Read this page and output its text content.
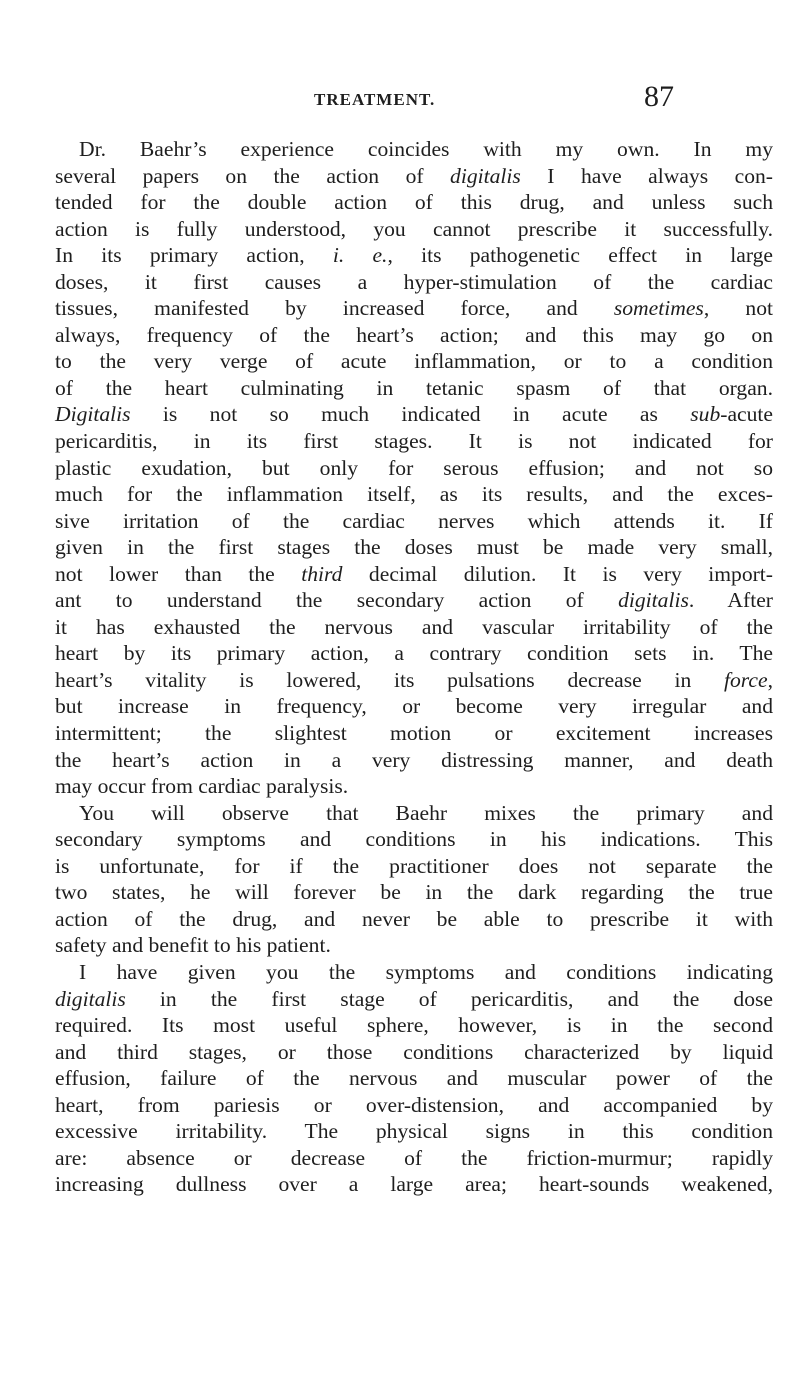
TREATMENT.	87
Dr. Baehr’s experience coincides with my own. In my
several papers on the action of digitalis I have always con-
tended for the double action of this drug, and unless such
action is fully understood, you cannot prescribe it successfully.
In its primary action, i. e., its pathogenetic effect in large
doses, it first causes a hyper-stimulation of the cardiac
tissues, manifested by increased force, and sometimes, not
always, frequency of the heart’s action; and this may go on
to the very verge of acute inflammation, or to a condition
of the heart culminating in tetanic spasm of that organ.
Digitalis is not so much indicated in acute as sub-acute
pericarditis, in its first stages. It is not indicated for
plastic exudation, but only for serous effusion; and not so
much for the inflammation itself, as its results, and the exces-
sive irritation of the cardiac nerves which attends it. If
given in the first stages the doses must be made very small,
not lower than the third decimal dilution. It is very import-
ant to understand the secondary action of digitalis. After
it has exhausted the nervous and vascular irritability of the
heart by its primary action, a contrary condition sets in. The
heart’s vitality is lowered, its pulsations decrease in force,
but increase in frequency, or become very irregular and
intermittent; the slightest motion or excitement increases
the heart’s action in a very distressing manner, and death
may occur from cardiac paralysis.
You will observe that Baehr mixes the primary and
secondary symptoms and conditions in his indications. This
is unfortunate, for if the practitioner does not separate the
two states, he will forever be in the dark regarding the true
action of the drug, and never be able to prescribe it with
safety and benefit to his patient.
I have given you the symptoms and conditions indicating
digitalis in the first stage of pericarditis, and the dose
required. Its most useful sphere, however, is in the second
and third stages, or those conditions characterized by liquid
effusion, failure of the nervous and muscular power of the
heart, from pariesis or over-distension, and accompanied by
excessive irritability. The physical signs in this condition
are: absence or decrease of the friction-murmur; rapidly
increasing dullness over a large area; heart-sounds weakened,
